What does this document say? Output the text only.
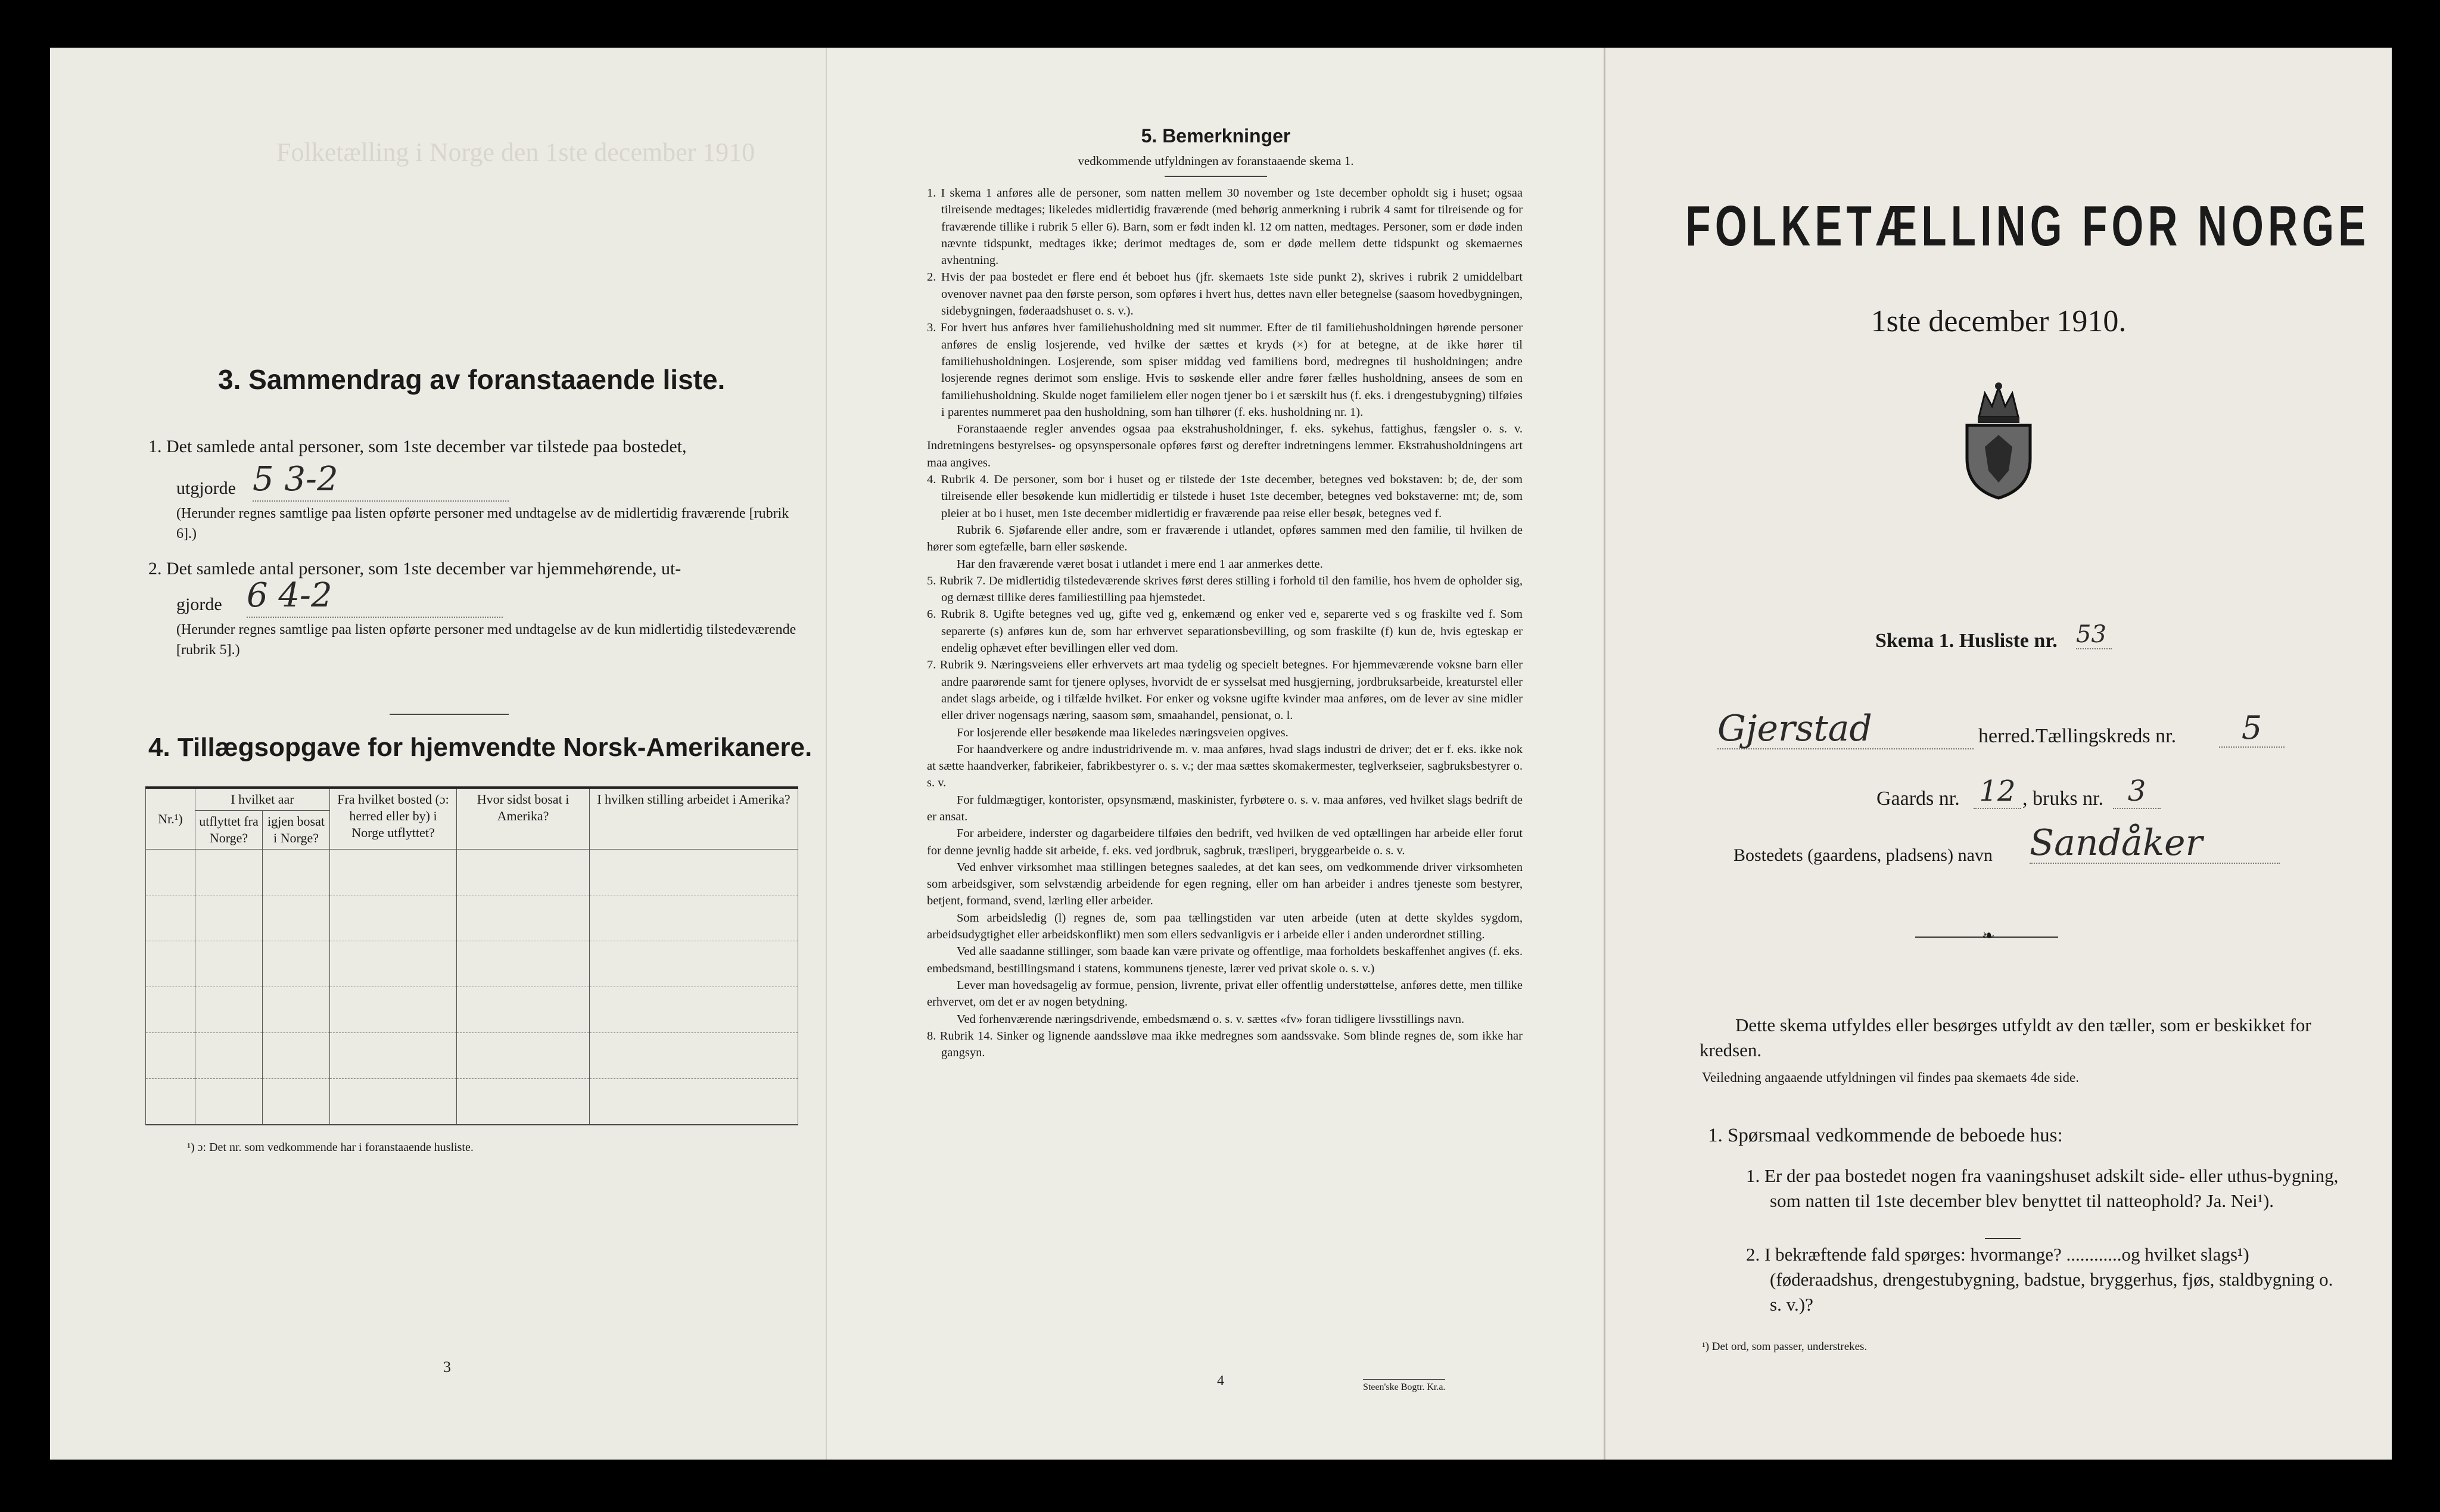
Folketælling i Norge den 1ste december 1910
3. Sammendrag av foranstaaende liste.
1. Det samlede antal personer, som 1ste december var tilstede paa bostedet,
utgjorde 5 3-2
(Herunder regnes samtlige paa listen opførte personer med undtagelse av de midlertidig fraværende [rubrik 6].)
2. Det samlede antal personer, som 1ste december var hjemmehørende, ut-
gjorde 6 4-2
(Herunder regnes samtlige paa listen opførte personer med undtagelse av de kun midlertidig tilstedeværende [rubrik 5].)
4. Tillægsopgave for hjemvendte Norsk-Amerikanere.
Nr.¹)	I hvilket aar		Fra hvilket bosted (ɔ: herred eller by) i Norge utflyttet?	Hvor sidst bosat i Amerika?	I hvilken stilling arbeidet i Amerika?
	utflyttet fra Norge?	igjen bosat i Norge?			

¹) ɔ: Det nr. som vedkommende har i foranstaaende husliste.
3
5. Bemerkninger
vedkommende utfyldningen av foranstaaende skema 1.

1. I skema 1 anføres alle de personer, som natten mellem 30 november og 1ste december opholdt sig i huset; ogsaa tilreisende medtages; likeledes midlertidig fraværende (med behørig anmerkning i rubrik 4 samt for tilreisende og for fraværende tillike i rubrik 5 eller 6). Barn, som er født inden kl. 12 om natten, medtages. Personer, som er døde inden nævnte tidspunkt, medtages ikke; derimot medtages de, som er døde mellem dette tidspunkt og skemaernes avhentning.

2. Hvis der paa bostedet er flere end ét beboet hus (jfr. skemaets 1ste side punkt 2), skrives i rubrik 2 umiddelbart ovenover navnet paa den første person, som opføres i hvert hus, dettes navn eller betegnelse (saasom hovedbygningen, sidebygningen, føderaadshuset o. s. v.).

3. For hvert hus anføres hver familiehusholdning med sit nummer. Efter de til familiehusholdningen hørende personer anføres de enslig losjerende, ved hvilke der sættes et kryds (×) for at betegne, at de ikke hører til familiehusholdningen. Losjerende, som spiser middag ved familiens bord, medregnes til husholdningen; andre losjerende regnes derimot som enslige. Hvis to søskende eller andre fører fælles husholdning, ansees de som en familiehusholdning. Skulde noget familielem eller nogen tjener bo i et særskilt hus (f. eks. i drengestubygning) tilføies i parentes nummeret paa den husholdning, som han tilhører (f. eks. husholdning nr. 1).

Foranstaaende regler anvendes ogsaa paa ekstrahusholdninger, f. eks. sykehus, fattighus, fængsler o. s. v. Indretningens bestyrelses- og opsynspersonale opføres først og derefter indretningens lemmer. Ekstrahusholdningens art maa angives.

4. Rubrik 4. De personer, som bor i huset og er tilstede der 1ste december, betegnes ved bokstaven: b; de, der som tilreisende eller besøkende kun midlertidig er tilstede i huset 1ste december, betegnes ved bokstaverne: mt; de, som pleier at bo i huset, men 1ste december midlertidig er fraværende paa reise eller besøk, betegnes ved f.

Rubrik 6. Sjøfarende eller andre, som er fraværende i utlandet, opføres sammen med den familie, til hvilken de hører som egtefælle, barn eller søskende.

Har den fraværende været bosat i utlandet i mere end 1 aar anmerkes dette.

5. Rubrik 7. De midlertidig tilstedeværende skrives først deres stilling i forhold til den familie, hos hvem de opholder sig, og dernæst tillike deres familiestilling paa hjemstedet.

6. Rubrik 8. Ugifte betegnes ved ug, gifte ved g, enkemænd og enker ved e, separerte ved s og fraskilte ved f. Som separerte (s) anføres kun de, som har erhvervet separationsbevilling, og som fraskilte (f) kun de, hvis egteskap er endelig ophævet efter bevillingen eller ved dom.

7. Rubrik 9. Næringsveiens eller erhvervets art maa tydelig og specielt betegnes. For hjemmeværende voksne barn eller andre paarørende samt for tjenere oplyses, hvorvidt de er sysselsat med husgjerning, jordbruksarbeide, kreaturstel eller andet slags arbeide, og i tilfælde hvilket. For enker og voksne ugifte kvinder maa anføres, om de lever av sine midler eller driver nogensags næring, saasom søm, smaahandel, pensionat, o. l.

For losjerende eller besøkende maa likeledes næringsveien opgives.

For haandverkere og andre industridrivende m. v. maa anføres, hvad slags industri de driver; det er f. eks. ikke nok at sætte haandverker, fabrikeier, fabrikbestyrer o. s. v.; der maa sættes skomakermester, teglverkseier, sagbruksbestyrer o. s. v.

For fuldmægtiger, kontorister, opsynsmænd, maskinister, fyrbøtere o. s. v. maa anføres, ved hvilket slags bedrift de er ansat.

For arbeidere, inderster og dagarbeidere tilføies den bedrift, ved hvilken de ved optællingen har arbeide eller forut for denne jevnlig hadde sit arbeide, f. eks. ved jordbruk, sagbruk, træsliperi, bryggearbeide o. s. v.

Ved enhver virksomhet maa stillingen betegnes saaledes, at det kan sees, om vedkommende driver virksomheten som arbeidsgiver, som selvstændig arbeidende for egen regning, eller om han arbeider i andres tjeneste som bestyrer, betjent, formand, svend, lærling eller arbeider.

Som arbeidsledig (l) regnes de, som paa tællingstiden var uten arbeide (uten at dette skyldes sygdom, arbeidsudygtighet eller arbeidskonflikt) men som ellers sedvanligvis er i arbeide eller i anden underordnet stilling.

Ved alle saadanne stillinger, som baade kan være private og offentlige, maa forholdets beskaffenhet angives (f. eks. embedsmand, bestillingsmand i statens, kommunens tjeneste, lærer ved privat skole o. s. v.)

Lever man hovedsagelig av formue, pension, livrente, privat eller offentlig understøttelse, anføres dette, men tillike erhvervet, om det er av nogen betydning.

Ved forhenværende næringsdrivende, embedsmænd o. s. v. sættes «fv» foran tidligere livsstillings navn.

8. Rubrik 14. Sinker og lignende aandssløve maa ikke medregnes som aandssvake. Som blinde regnes de, som ikke har gangsyn.

4	Steen'ske Bogtr. Kr.a.
FOLKETÆLLING FOR NORGE
1ste december 1910.
Skema 1. Husliste nr. 53
Gjerstad	herred. Tællingskreds nr.	5
Gaards nr. 12 , bruks nr. 3
Bostedets (gaardens, pladsens) navn Sandåker
❧
Dette skema utfyldes eller besørges utfyldt av den tæller, som er beskikket for kredsen.
Veiledning angaaende utfyldningen vil findes paa skemaets 4de side.
1. Spørsmaal vedkommende de beboede hus:
1. Er der paa bostedet nogen fra vaaningshuset adskilt side- eller uthus-bygning, som natten til 1ste december blev benyttet til natteophold? Ja. Nei¹).
2. I bekræftende fald spørges: hvormange? ............og hvilket slags¹) (føderaadshus, drengestubygning, badstue, bryggerhus, fjøs, staldbygning o. s. v.)?
¹) Det ord, som passer, understrekes.
